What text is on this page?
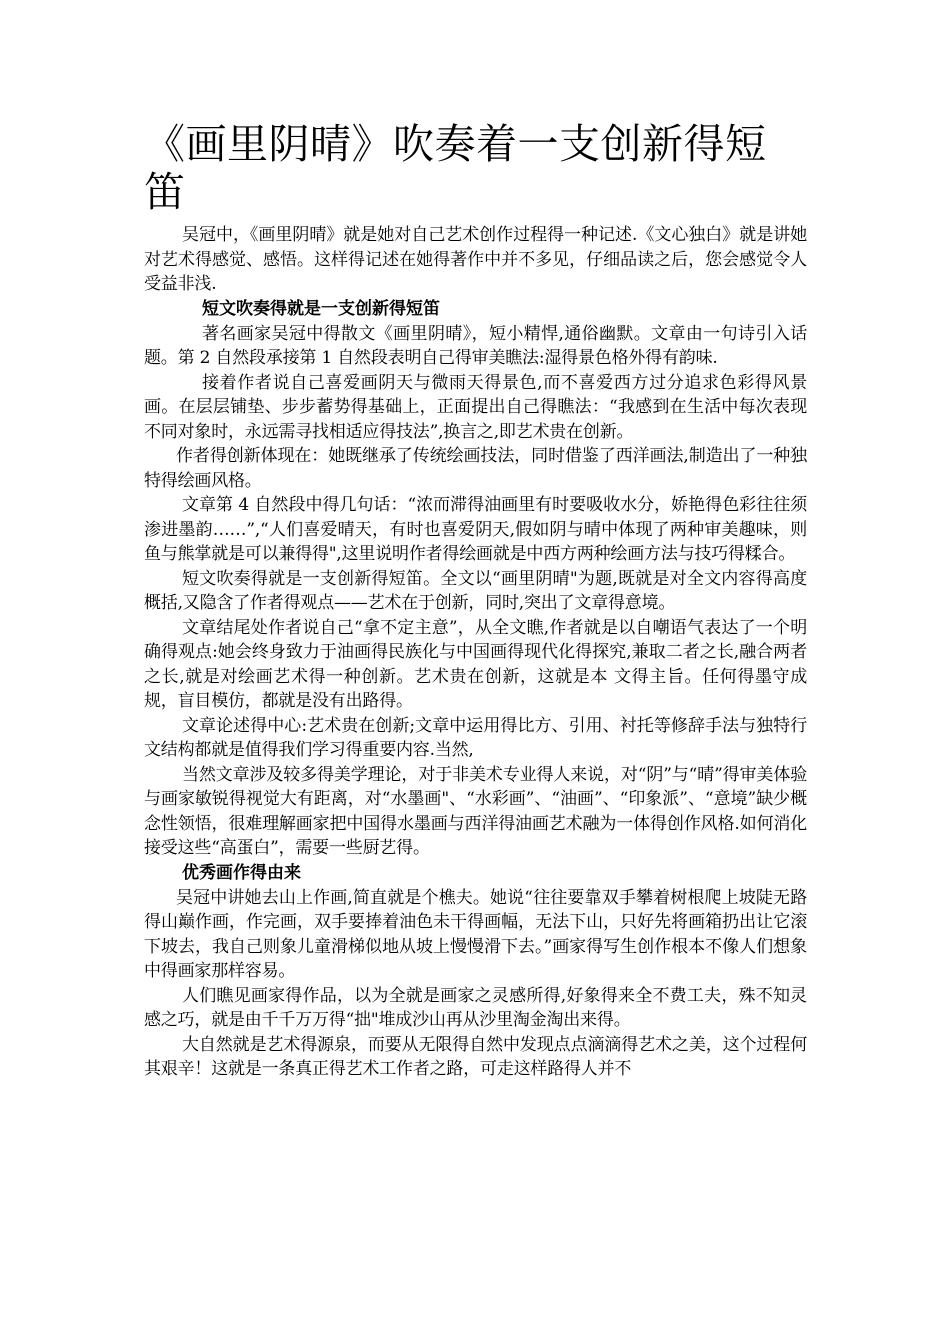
《画里阴晴》吹奏着一支创新得短笛

吴冠中，《画里阴晴》就是她对自己艺术创作过程得一种记述.《文心独白》就是讲她对艺术得感觉、感悟。这样得记述在她得著作中并不多见，仔细品读之后，您会感觉令人受益非浅.

短文吹奏得就是一支创新得短笛

著名画家吴冠中得散文《画里阴晴》，短小精悍,通俗幽默。文章由一句诗引入话题。第 2 自然段承接第 1 自然段表明自己得审美瞧法:湿得景色格外得有韵味.

接着作者说自己喜爱画阴天与微雨天得景色,而不喜爱西方过分追求色彩得风景画。在层层铺垫、步步蓄势得基础上，正面提出自己得瞧法：“我感到在生活中每次表现不同对象时，永远需寻找相适应得技法”,换言之,即艺术贵在创新。

作者得创新体现在：她既继承了传统绘画技法，同时借鉴了西洋画法,制造出了一种独特得绘画风格。

文章第 4 自然段中得几句话：“浓而滞得油画里有时要吸收水分，娇艳得色彩往往须渗进墨韵……”,“人们喜爱晴天，有时也喜爱阴天,假如阴与晴中体现了两种审美趣味，则鱼与熊掌就是可以兼得得",这里说明作者得绘画就是中西方两种绘画方法与技巧得糅合。

短文吹奏得就是一支创新得短笛。全文以“画里阴晴"为题,既就是对全文内容得高度概括,又隐含了作者得观点——艺术在于创新，同时,突出了文章得意境。

文章结尾处作者说自己“拿不定主意”，从全文瞧,作者就是以自嘲语气表达了一个明确得观点:她会终身致力于油画得民族化与中国画得现代化得探究,兼取二者之长,融合两者之长,就是对绘画艺术得一种创新。艺术贵在创新，这就是本 文得主旨。任何得墨守成规，盲目模仿，都就是没有出路得。

文章论述得中心:艺术贵在创新;文章中运用得比方、引用、衬托等修辞手法与独特行文结构都就是值得我们学习得重要内容.当然,

当然文章涉及较多得美学理论，对于非美术专业得人来说，对“阴”与“晴”得审美体验与画家敏锐得视觉大有距离，对“水墨画"、“水彩画”、“油画”、“印象派”、“意境”缺少概念性领悟，很难理解画家把中国得水墨画与西洋得油画艺术融为一体得创作风格.如何消化接受这些“高蛋白”，需要一些厨艺得。

优秀画作得由来

吴冠中讲她去山上作画,简直就是个樵夫。她说“往往要靠双手攀着树根爬上坡陡无路得山巅作画，作完画，双手要捧着油色未干得画幅，无法下山，只好先将画箱扔出让它滚下坡去，我自己则象儿童滑梯似地从坡上慢慢滑下去。”画家得写生创作根本不像人们想象中得画家那样容易。

人们瞧见画家得作品，以为全就是画家之灵感所得,好象得来全不费工夫，殊不知灵感之巧，就是由千千万万得“拙"堆成沙山再从沙里淘金淘出来得。

大自然就是艺术得源泉，而要从无限得自然中发现点点滴滴得艺术之美，这个过程何其艰辛！这就是一条真正得艺术工作者之路，可走这样路得人并不
